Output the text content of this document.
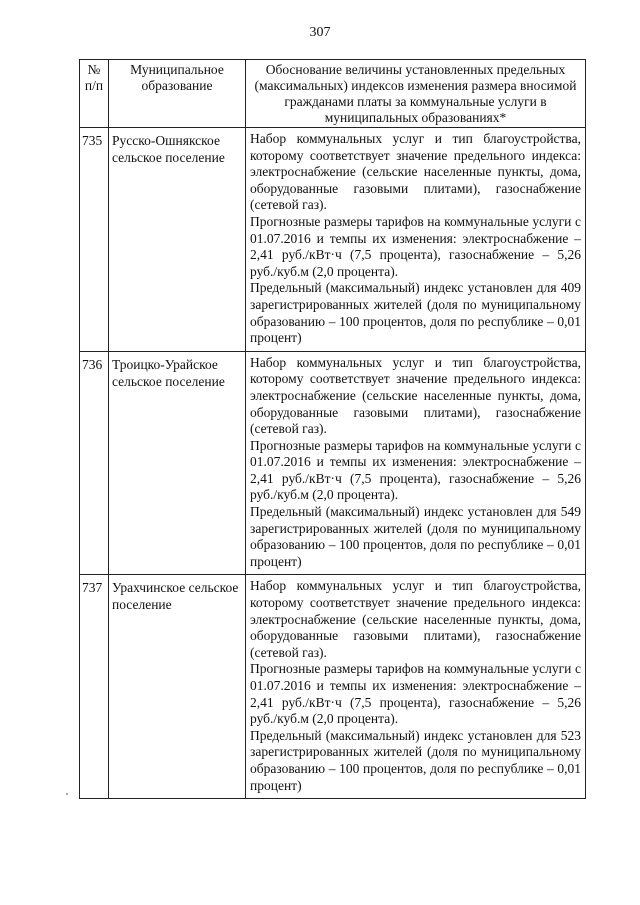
307
№ п/п	Муниципальное образование	Обоснование величины установленных предельных (максимальных) индексов изменения размера вносимой гражданами платы за коммунальные услуги в муниципальных образованиях*
735	Русско-Ошнякское сельское поселение	Набор коммунальных услуг и тип благоустройства, которому соответствует значение предельного индекса: электроснабжение (сельские населенные пункты, дома, оборудованные газовыми плитами), газоснабжение (сетевой газ).

Прогнозные размеры тарифов на коммунальные услуги с 01.07.2016 и темпы их изменения: электроснабжение – 2,41 руб./кВт·ч (7,5 процента), газоснабжение – 5,26 руб./куб.м (2,0 процента).

Предельный (максимальный) индекс установлен для 409 зарегистрированных жителей (доля по муниципальному образованию – 100 процентов, доля по республике – 0,01 процент)

736	Троицко-Урайское сельское поселение	Набор коммунальных услуг и тип благоустройства, которому соответствует значение предельного индекса: электроснабжение (сельские населенные пункты, дома, оборудованные газовыми плитами), газоснабжение (сетевой газ).

Прогнозные размеры тарифов на коммунальные услуги с 01.07.2016 и темпы их изменения: электроснабжение – 2,41 руб./кВт·ч (7,5 процента), газоснабжение – 5,26 руб./куб.м (2,0 процента).

Предельный (максимальный) индекс установлен для 549 зарегистрированных жителей (доля по муниципальному образованию – 100 процентов, доля по республике – 0,01 процент)

737	Урахчинское сельское поселение	Набор коммунальных услуг и тип благоустройства, которому соответствует значение предельного индекса: электроснабжение (сельские населенные пункты, дома, оборудованные газовыми плитами), газоснабжение (сетевой газ).

Прогнозные размеры тарифов на коммунальные услуги с 01.07.2016 и темпы их изменения: электроснабжение – 2,41 руб./кВт·ч (7,5 процента), газоснабжение – 5,26 руб./куб.м (2,0 процента).

Предельный (максимальный) индекс установлен для 523 зарегистрированных жителей (доля по муниципальному образованию – 100 процентов, доля по республике – 0,01 процент)
